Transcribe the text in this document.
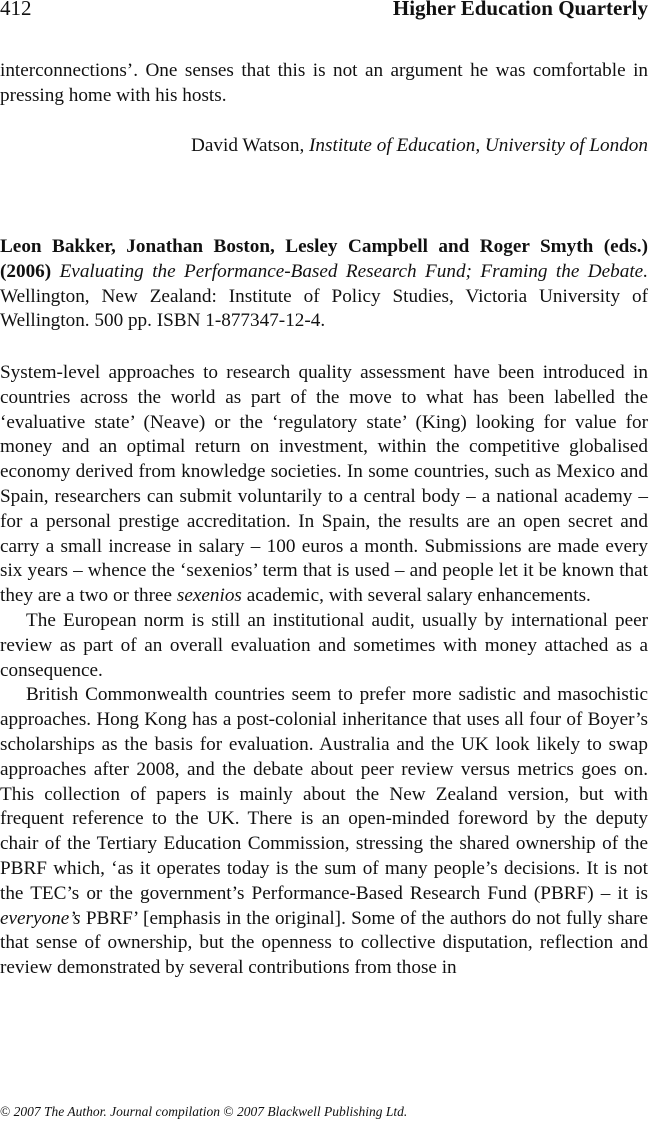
412	Higher Education Quarterly

interconnections’. One senses that this is not an argument he was comfortable in pressing home with his hosts.

David Watson, Institute of Education, University of London
Leon Bakker, Jonathan Boston, Lesley Campbell and Roger Smyth (eds.) (2006) Evaluating the Performance-Based Research Fund; Framing the Debate. Wellington, New Zealand: Institute of Policy Studies, Victoria University of Wellington. 500 pp. ISBN 1-877347-12-4.

System-level approaches to research quality assessment have been introduced in countries across the world as part of the move to what has been labelled the ‘evaluative state’ (Neave) or the ‘regulatory state’ (King) looking for value for money and an optimal return on investment, within the competitive globalised economy derived from knowledge societies. In some countries, such as Mexico and Spain, researchers can submit voluntarily to a central body – a national academy – for a personal prestige accreditation. In Spain, the results are an open secret and carry a small increase in salary – 100 euros a month. Submissions are made every six years – whence the ‘sexenios’ term that is used – and people let it be known that they are a two or three sexenios academic, with several salary enhancements.

The European norm is still an institutional audit, usually by international peer review as part of an overall evaluation and sometimes with money attached as a consequence.

British Commonwealth countries seem to prefer more sadistic and masochistic approaches. Hong Kong has a post-colonial inheritance that uses all four of Boyer’s scholarships as the basis for evaluation. Australia and the UK look likely to swap approaches after 2008, and the debate about peer review versus metrics goes on. This collection of papers is mainly about the New Zealand version, but with frequent reference to the UK. There is an open-minded foreword by the deputy chair of the Tertiary Education Commission, stressing the shared ownership of the PBRF which, ‘as it operates today is the sum of many people’s decisions. It is not the TEC’s or the government’s Performance-Based Research Fund (PBRF) – it is everyone’s PBRF’ [emphasis in the original]. Some of the authors do not fully share that sense of ownership, but the openness to collective disputation, reflection and review demonstrated by several contributions from those in

© 2007 The Author. Journal compilation © 2007 Blackwell Publishing Ltd.
